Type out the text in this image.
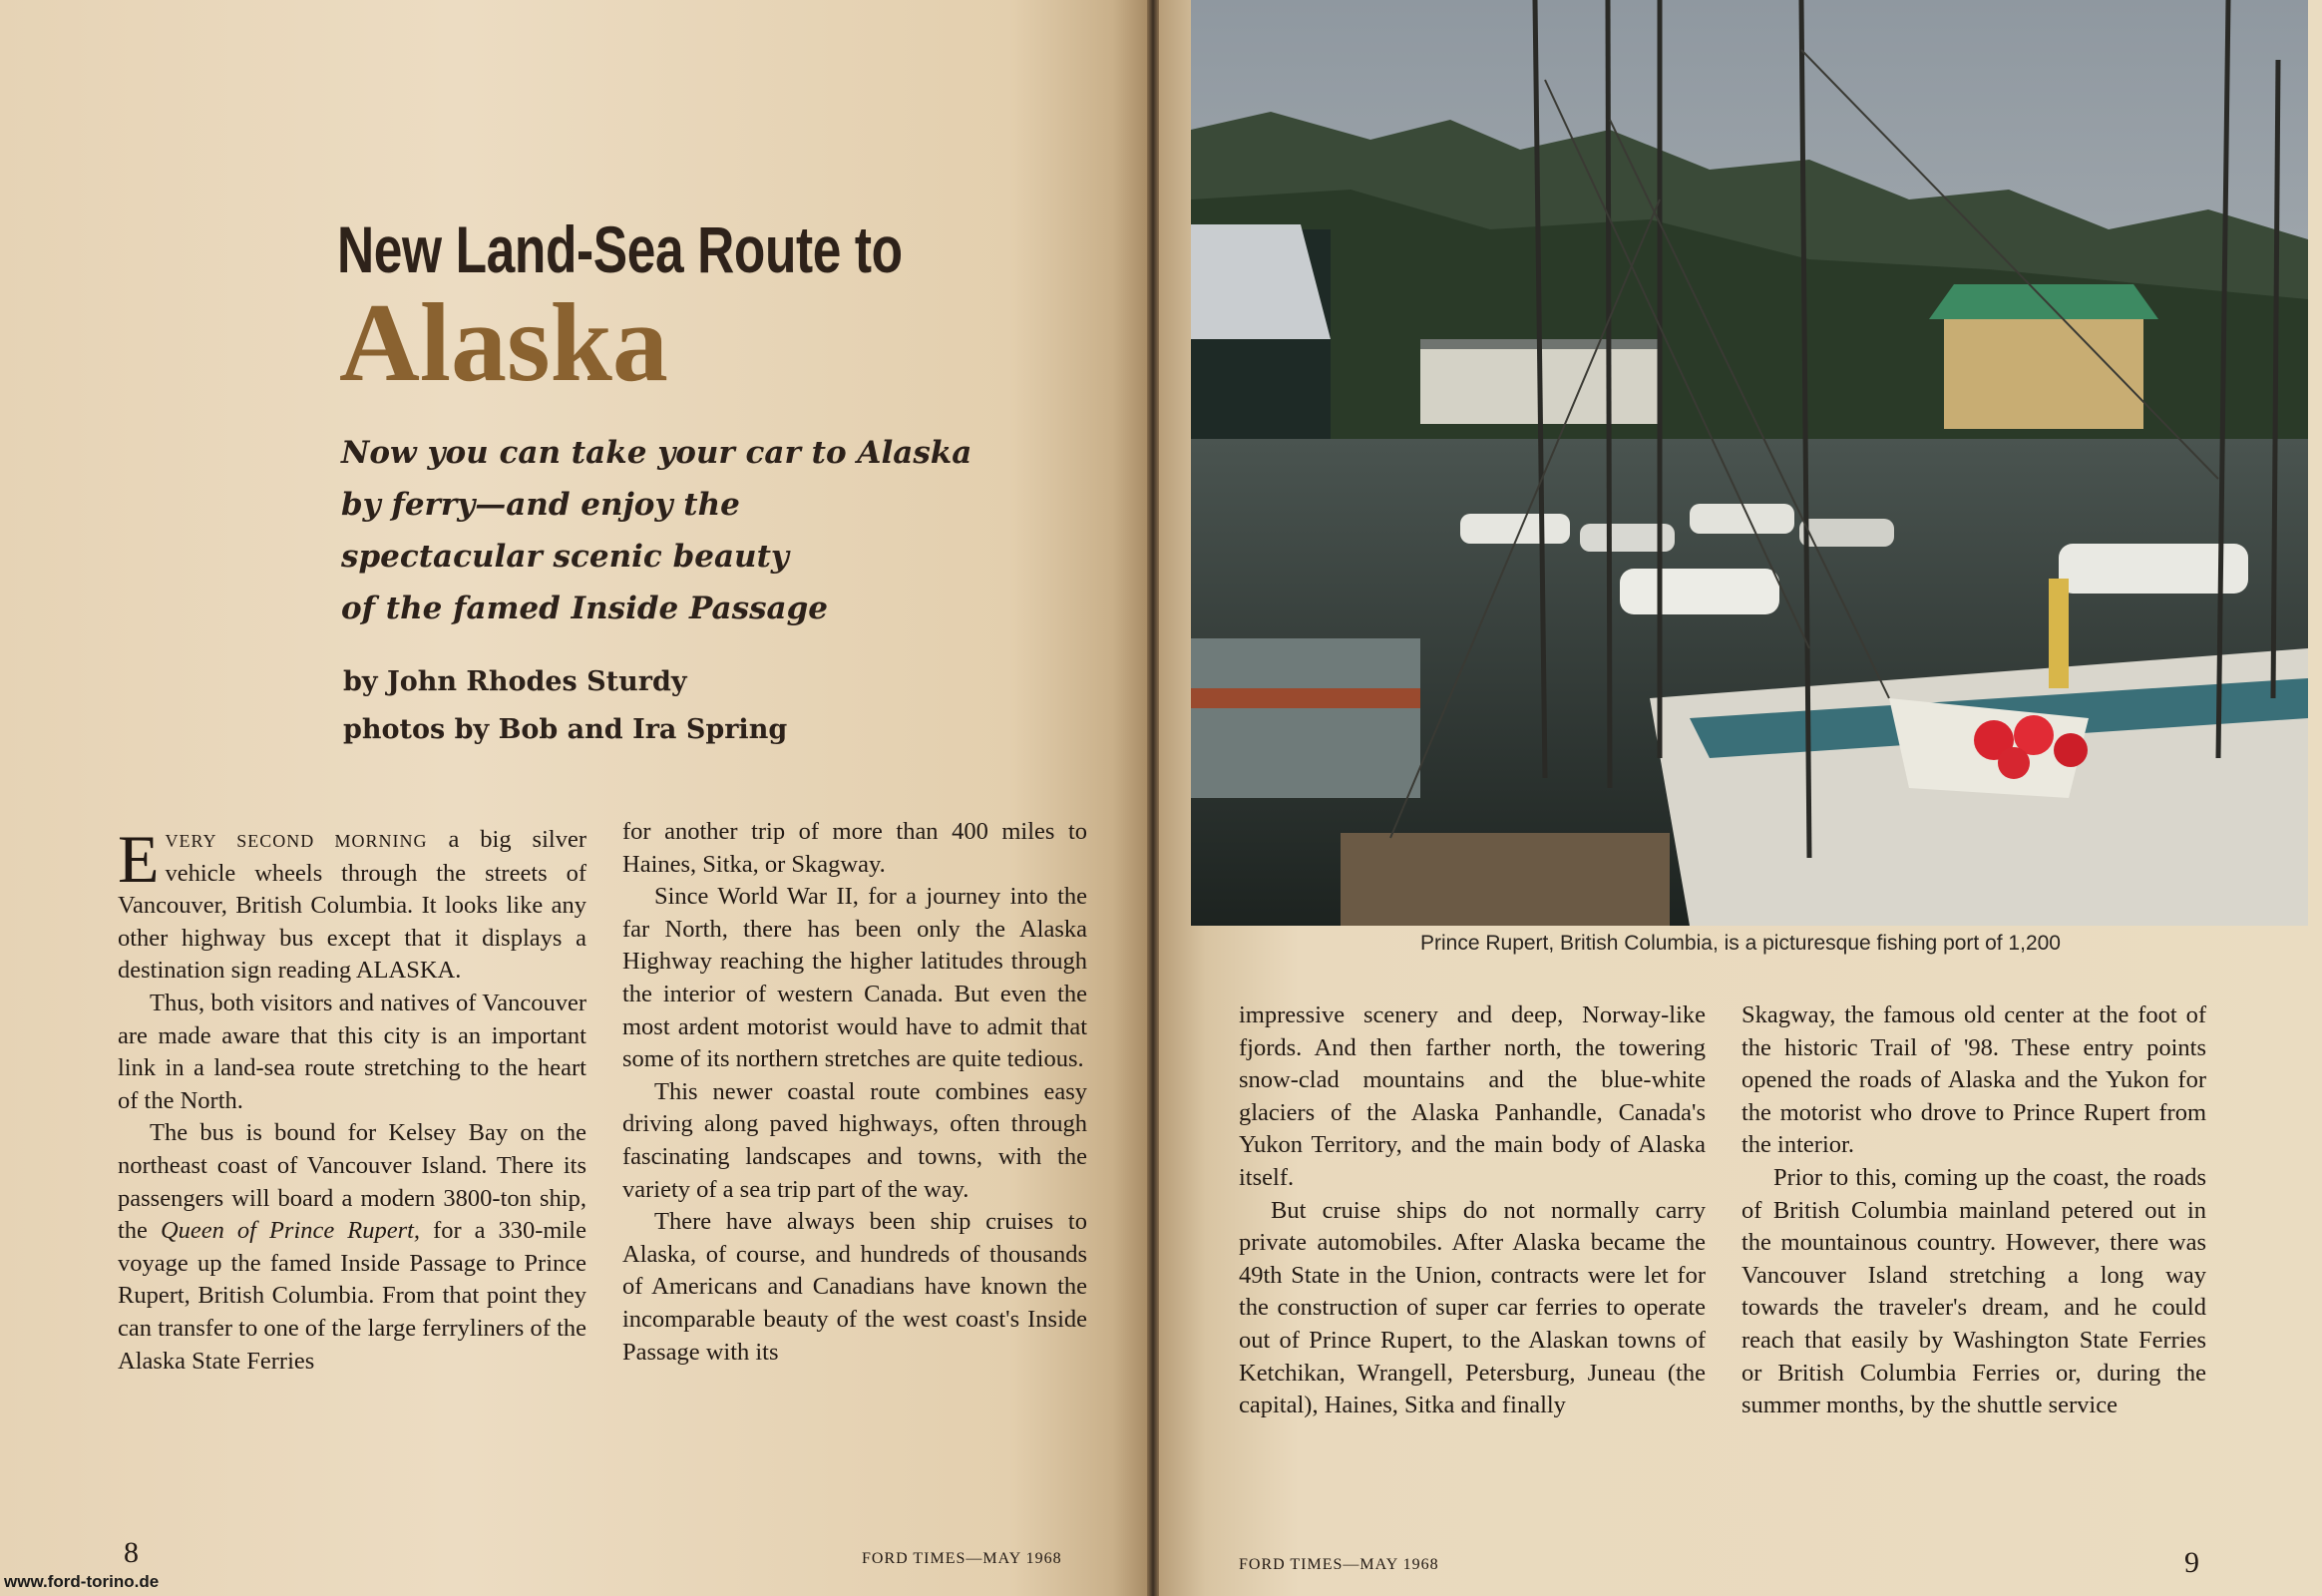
New Land-Sea Route to
Alaska
Now you can take your car to Alaska
by ferry—and enjoy the
spectacular scenic beauty
of the famed Inside Passage
by John Rhodes Sturdy
photos by Bob and Ira Spring

EVERY SECOND MORNING a big silver vehicle wheels through the streets of Vancouver, British Columbia. It looks like any other highway bus except that it displays a destination sign reading ALASKA.

Thus, both visitors and natives of Vancouver are made aware that this city is an important link in a land-sea route stretching to the heart of the North.

The bus is bound for Kelsey Bay on the northeast coast of Vancouver Island. There its passengers will board a modern 3800-ton ship, the Queen of Prince Rupert, for a 330-mile voyage up the famed Inside Passage to Prince Rupert, British Columbia. From that point they can transfer to one of the large ferryliners of the Alaska State Ferries

for another trip of more than 400 miles to Haines, Sitka, or Skagway.

Since World War II, for a journey into the far North, there has been only the Alaska Highway reaching the higher latitudes through the interior of western Canada. But even the most ardent motorist would have to admit that some of its northern stretches are quite tedious.

This newer coastal route combines easy driving along paved highways, often through fascinating landscapes and towns, with the variety of a sea trip part of the way.

There have always been ship cruises to Alaska, of course, and hundreds of thousands of Americans and Canadians have known the incomparable beauty of the west coast's Inside Passage with its

8	FORD TIMES—MAY 1968
www.ford-torino.de
Prince Rupert, British Columbia, is a picturesque fishing port of 1,200

impressive scenery and deep, Norway-like fjords. And then farther north, the towering snow-clad mountains and the blue-white glaciers of the Alaska Panhandle, Canada's Yukon Territory, and the main body of Alaska itself.

But cruise ships do not normally carry private automobiles. After Alaska became the 49th State in the Union, contracts were let for the construction of super car ferries to operate out of Prince Rupert, to the Alaskan towns of Ketchikan, Wrangell, Petersburg, Juneau (the capital), Haines, Sitka and finally

Skagway, the famous old center at the foot of the historic Trail of '98. These entry points opened the roads of Alaska and the Yukon for the motorist who drove to Prince Rupert from the interior.

Prior to this, coming up the coast, the roads of British Columbia mainland petered out in the mountainous country. However, there was Vancouver Island stretching a long way towards the traveler's dream, and he could reach that easily by Washington State Ferries or British Columbia Ferries or, during the summer months, by the shuttle service

FORD TIMES—MAY 1968	9
